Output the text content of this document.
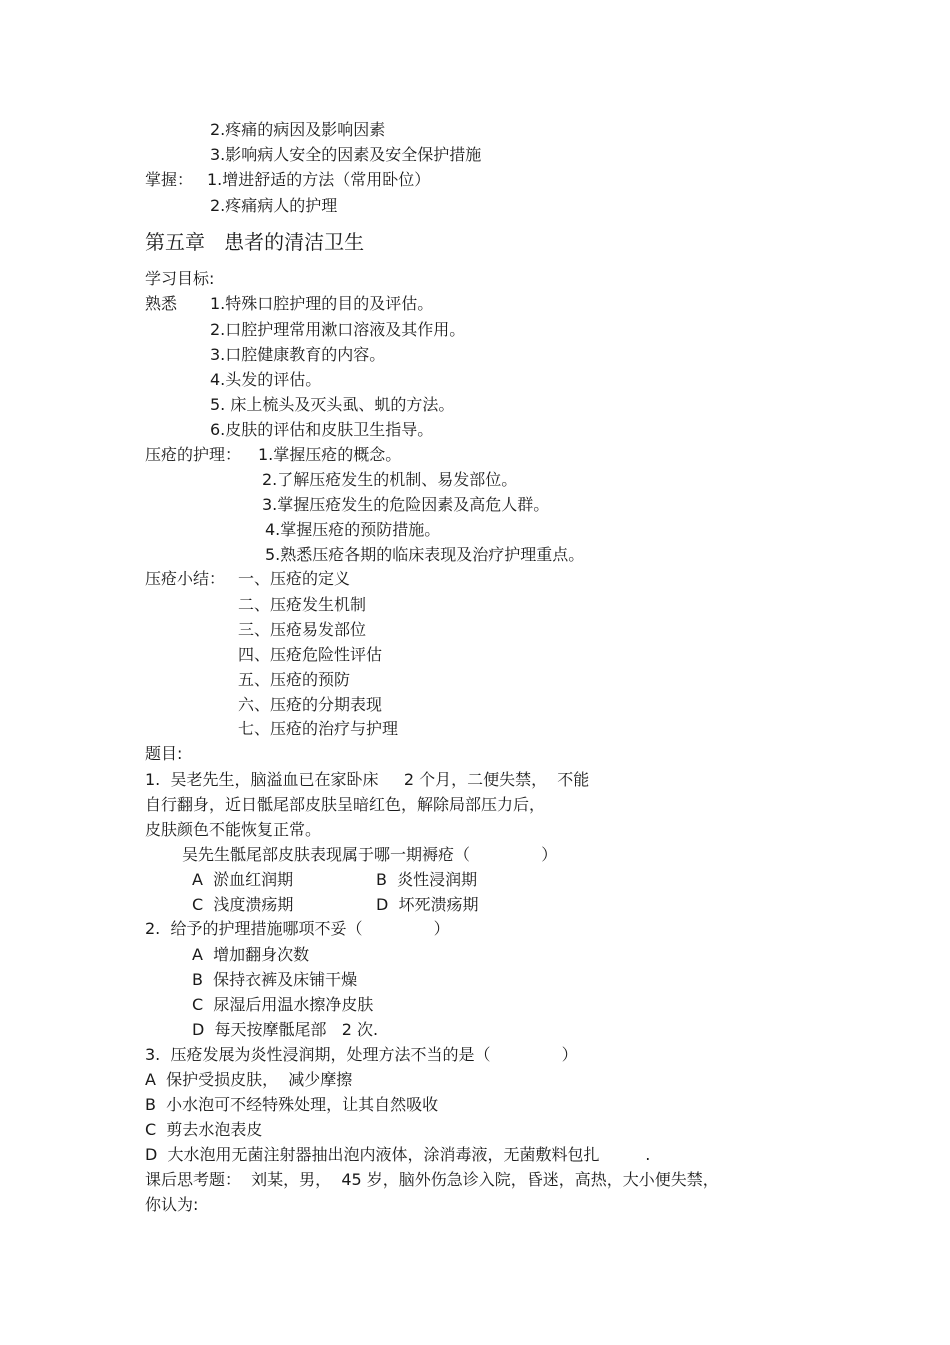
2.疼痛的病因及影响因素
3.影响病人安全的因素及安全保护措施
掌握： 1.增进舒适的方法（常用卧位）
2.疼痛病人的护理
第五章   患者的清洁卫生
学习目标:
熟悉 1.特殊口腔护理的目的及评估。
2.口腔护理常用漱口溶液及其作用。
3.口腔健康教育的内容。
4.头发的评估。
5. 床上梳头及灭头虱、虮的方法。
6.皮肤的评估和皮肤卫生指导。
压疮的护理： 1.掌握压疮的概念。
2.了解压疮发生的机制、易发部位。
3.掌握压疮发生的危险因素及高危人群。
4.掌握压疮的预防措施。
5.熟悉压疮各期的临床表现及治疗护理重点。
压疮小结： 一、压疮的定义
二、压疮发生机制
三、压疮易发部位
四、压疮危险性评估
五、压疮的预防
六、压疮的分期表现
七、压疮的治疗与护理
题目:
1.  吴老先生，脑溢血已在家卧床     2 个月，二便失禁，  不能
自行翻身，近日骶尾部皮肤呈暗红色，解除局部压力后，
皮肤颜色不能恢复正常。
吴先生骶尾部皮肤表现属于哪一期褥疮（              ）
A  淤血红润期	B  炎性浸润期
C  浅度溃疡期	D  坏死溃疡期
2.  给予的护理措施哪项不妥（              ）
A  增加翻身次数
B  保持衣裤及床铺干燥
C  尿湿后用温水擦净皮肤
D  每天按摩骶尾部   2 次.
3.  压疮发展为炎性浸润期，处理方法不当的是（              ）
A  保护受损皮肤，  减少摩擦
B  小水泡可不经特殊处理，让其自然吸收
C  剪去水泡表皮
D  大水泡用无菌注射器抽出泡内液体，涂消毒液，无菌敷料包扎         .
课后思考题：  刘某，男，  45 岁，脑外伤急诊入院，昏迷，高热，大小便失禁，
你认为:
